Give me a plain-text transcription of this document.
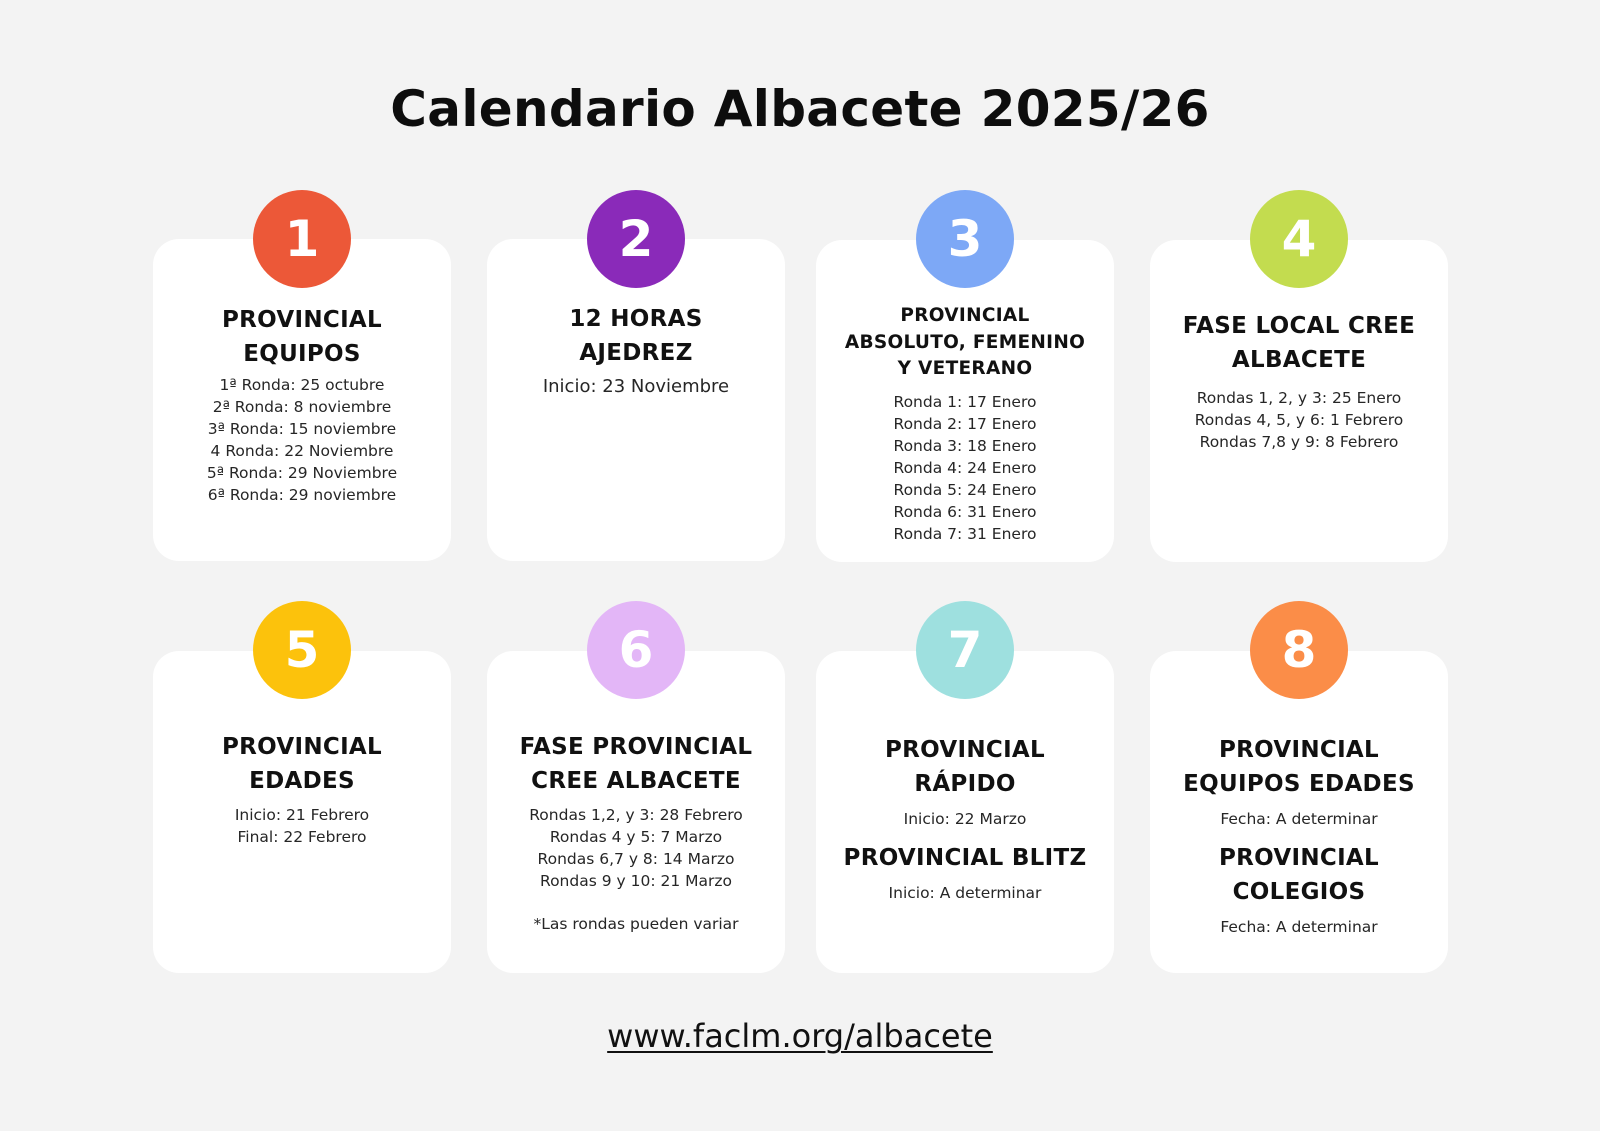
Calendario Albacete 2025/26
1
PROVINCIAL
EQUIPOS
1ª Ronda: 25 octubre
2ª Ronda: 8 noviembre
3ª Ronda: 15 noviembre
4 Ronda: 22 Noviembre
5ª Ronda: 29 Noviembre
6ª Ronda: 29 noviembre
2
12 HORAS
AJEDREZ
Inicio: 23 Noviembre
3
PROVINCIAL
ABSOLUTO, FEMENINO
Y VETERANO
Ronda 1: 17 Enero
Ronda 2: 17 Enero
Ronda 3: 18 Enero
Ronda 4: 24 Enero
Ronda 5: 24 Enero
Ronda 6: 31 Enero
Ronda 7: 31 Enero
4
FASE LOCAL CREE
ALBACETE
Rondas 1, 2, y 3: 25 Enero
Rondas 4, 5, y 6: 1 Febrero
Rondas 7,8 y 9: 8 Febrero
5
PROVINCIAL
EDADES
Inicio: 21 Febrero
Final: 22 Febrero
6
FASE PROVINCIAL
CREE ALBACETE
Rondas 1,2, y 3: 28 Febrero
Rondas 4 y 5: 7 Marzo
Rondas 6,7 y 8: 14 Marzo
Rondas 9 y 10: 21 Marzo
*Las rondas pueden variar
7
PROVINCIAL
RÁPIDO
Inicio: 22 Marzo
PROVINCIAL BLITZ
Inicio: A determinar
8
PROVINCIAL
EQUIPOS EDADES
Fecha: A determinar
PROVINCIAL
COLEGIOS
Fecha: A determinar
www.faclm.org/albacete
